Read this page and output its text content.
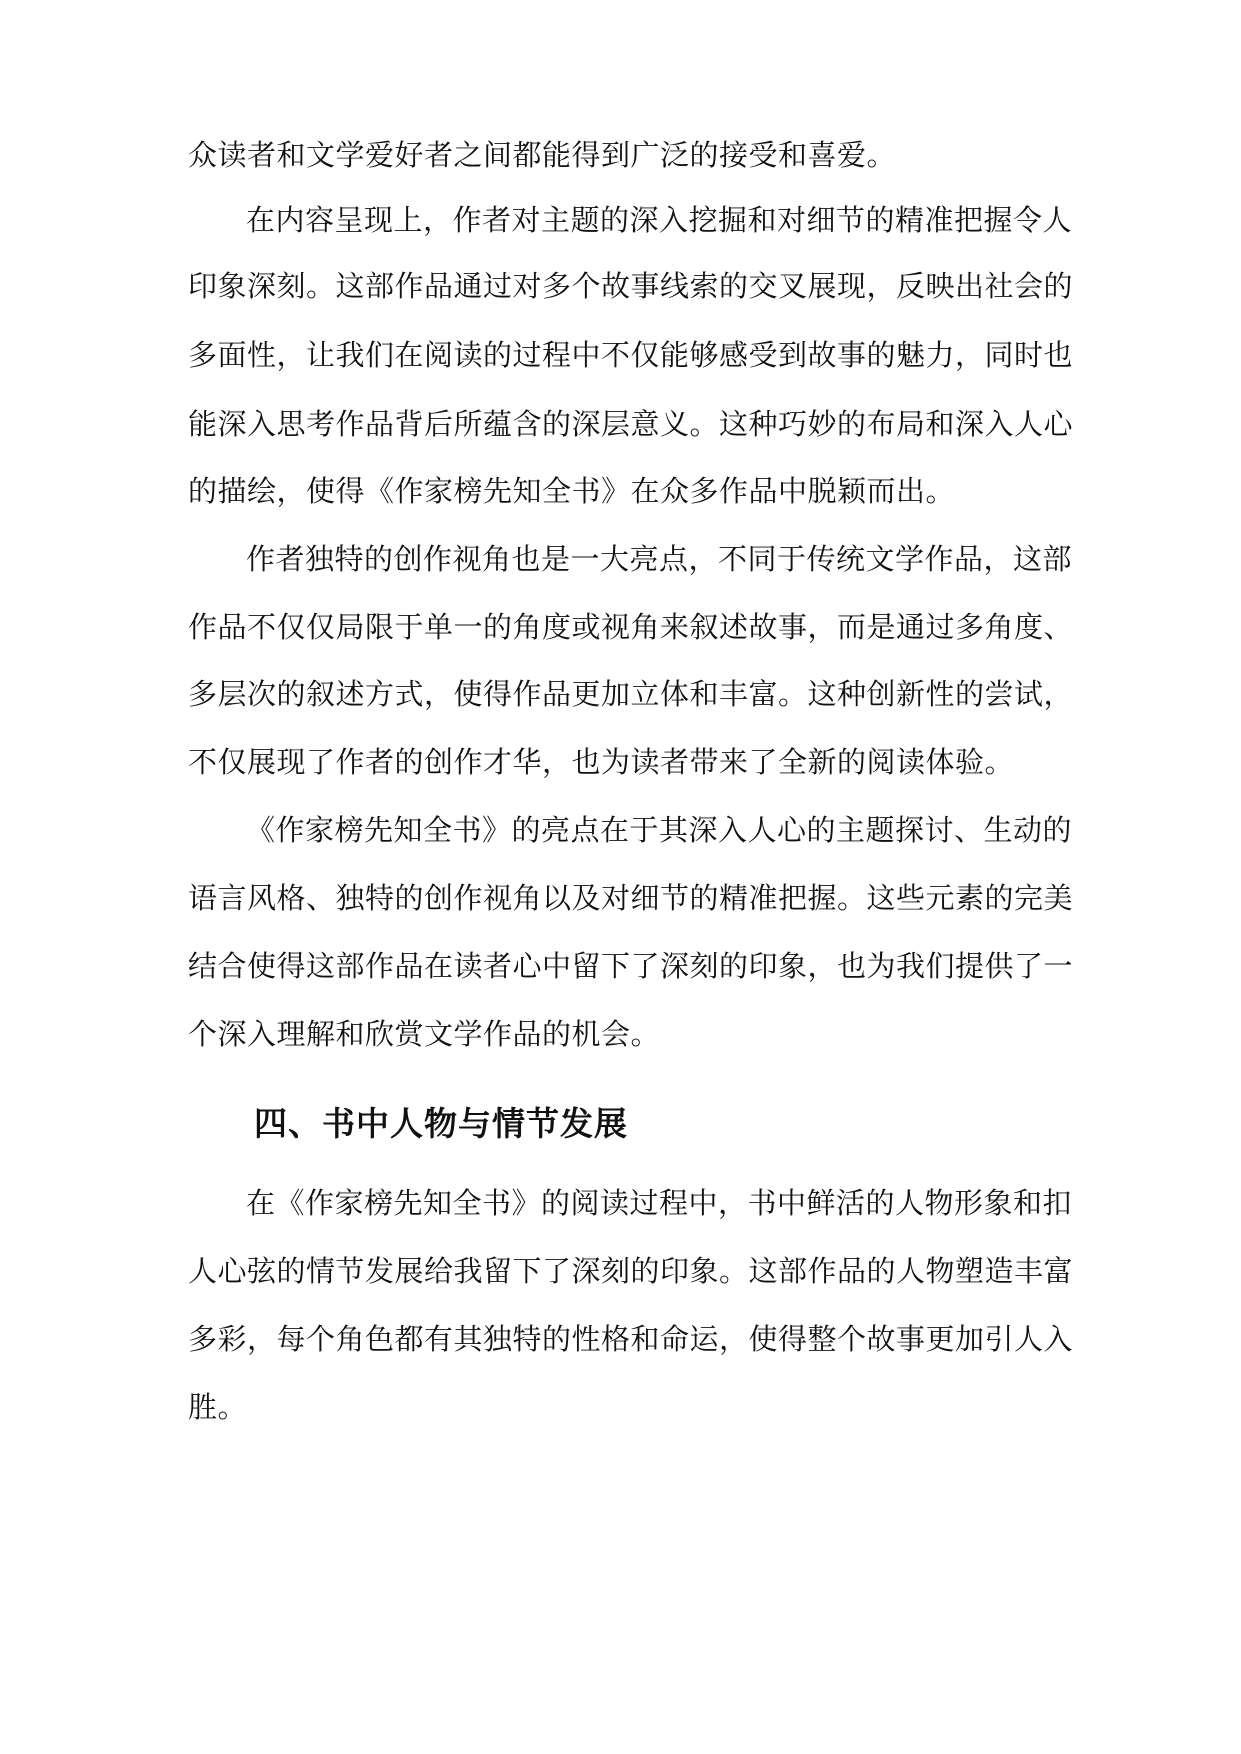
众读者和文学爱好者之间都能得到广泛的接受和喜爱。
在内容呈现上，作者对主题的深入挖掘和对细节的精准把握令人
印象深刻。这部作品通过对多个故事线索的交叉展现，反映出社会的
多面性，让我们在阅读的过程中不仅能够感受到故事的魅力，同时也
能深入思考作品背后所蕴含的深层意义。这种巧妙的布局和深入人心
的描绘，使得《作家榜先知全书》在众多作品中脱颖而出。
作者独特的创作视角也是一大亮点，不同于传统文学作品，这部
作品不仅仅局限于单一的角度或视角来叙述故事，而是通过多角度、
多层次的叙述方式，使得作品更加立体和丰富。这种创新性的尝试，
不仅展现了作者的创作才华，也为读者带来了全新的阅读体验。
《作家榜先知全书》的亮点在于其深入人心的主题探讨、生动的
语言风格、独特的创作视角以及对细节的精准把握。这些元素的完美
结合使得这部作品在读者心中留下了深刻的印象，也为我们提供了一
个深入理解和欣赏文学作品的机会。
四、书中人物与情节发展
在《作家榜先知全书》的阅读过程中，书中鲜活的人物形象和扣
人心弦的情节发展给我留下了深刻的印象。这部作品的人物塑造丰富
多彩，每个角色都有其独特的性格和命运，使得整个故事更加引人入
胜。
